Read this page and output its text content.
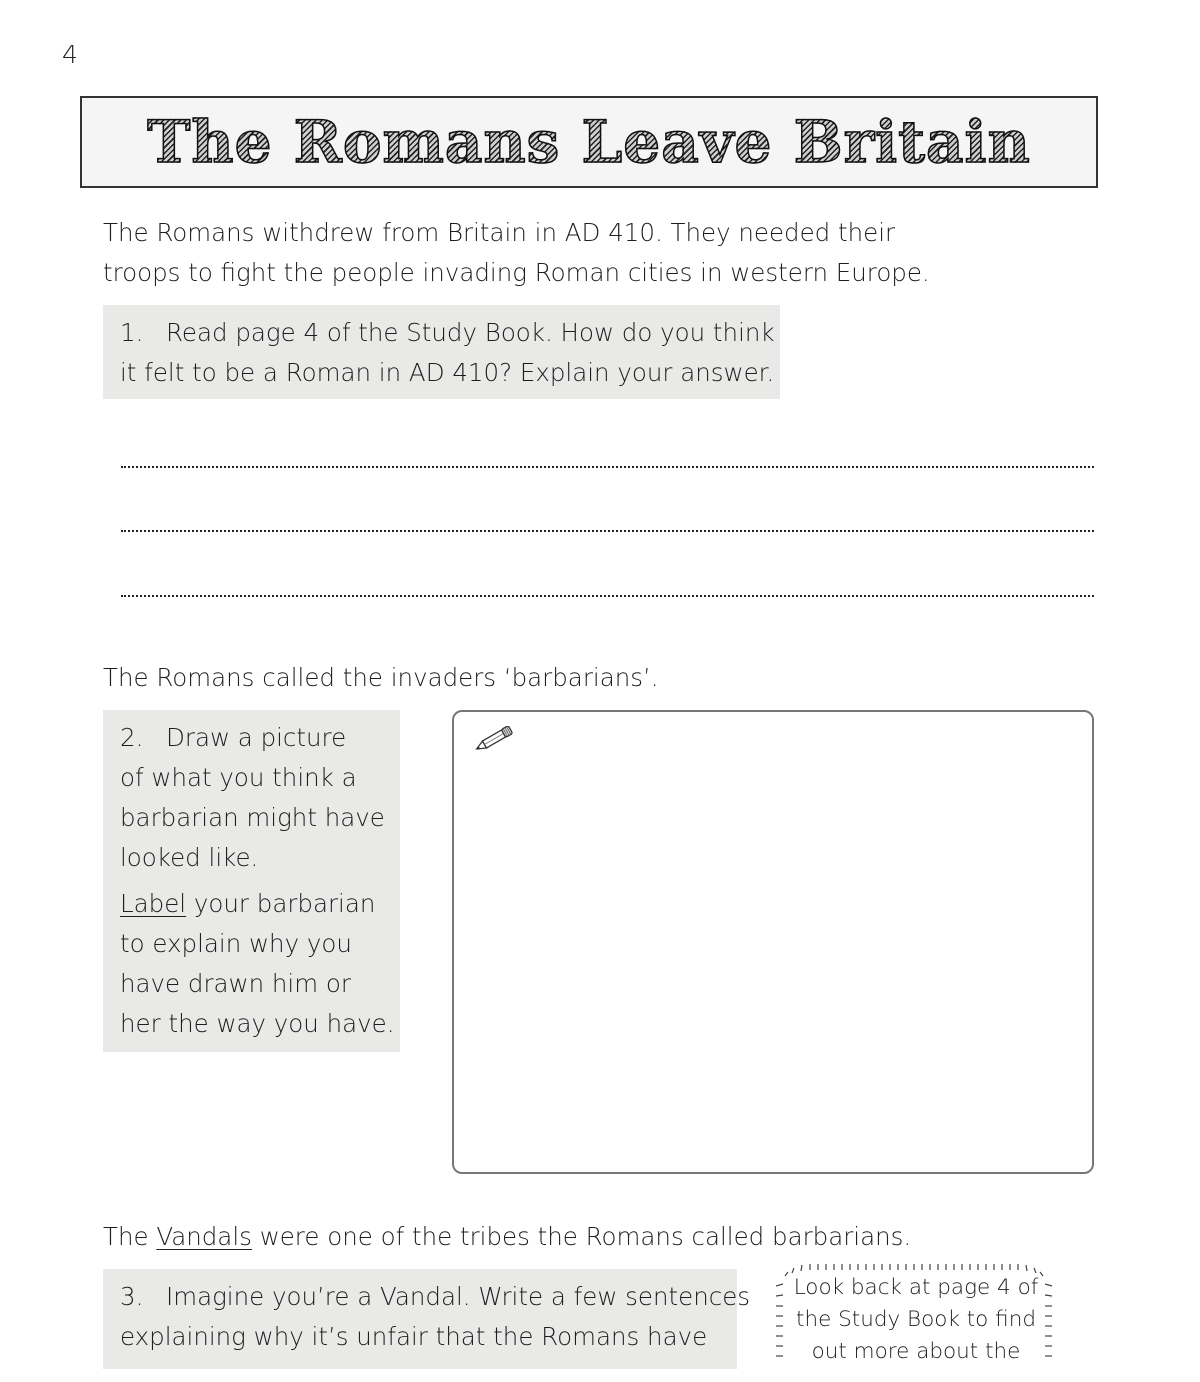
4
The Romans Leave Britain
The Romans withdrew from Britain in AD 410. They needed their
troops to fight the people invading Roman cities in western Europe.
1. Read page 4 of the Study Book. How do you think
it felt to be a Roman in AD 410? Explain your answer.
The Romans called the invaders ‘barbarians’.
2. Draw a picture
of what you think a
barbarian might have
looked like.
Label your barbarian
to explain why you
have drawn him or
her the way you have.
The Vandals were one of the tribes the Romans called barbarians.
3. Imagine you’re a Vandal. Write a few sentences
explaining why it’s unfair that the Romans have
Look back at page 4 of
the Study Book to find
out more about the
